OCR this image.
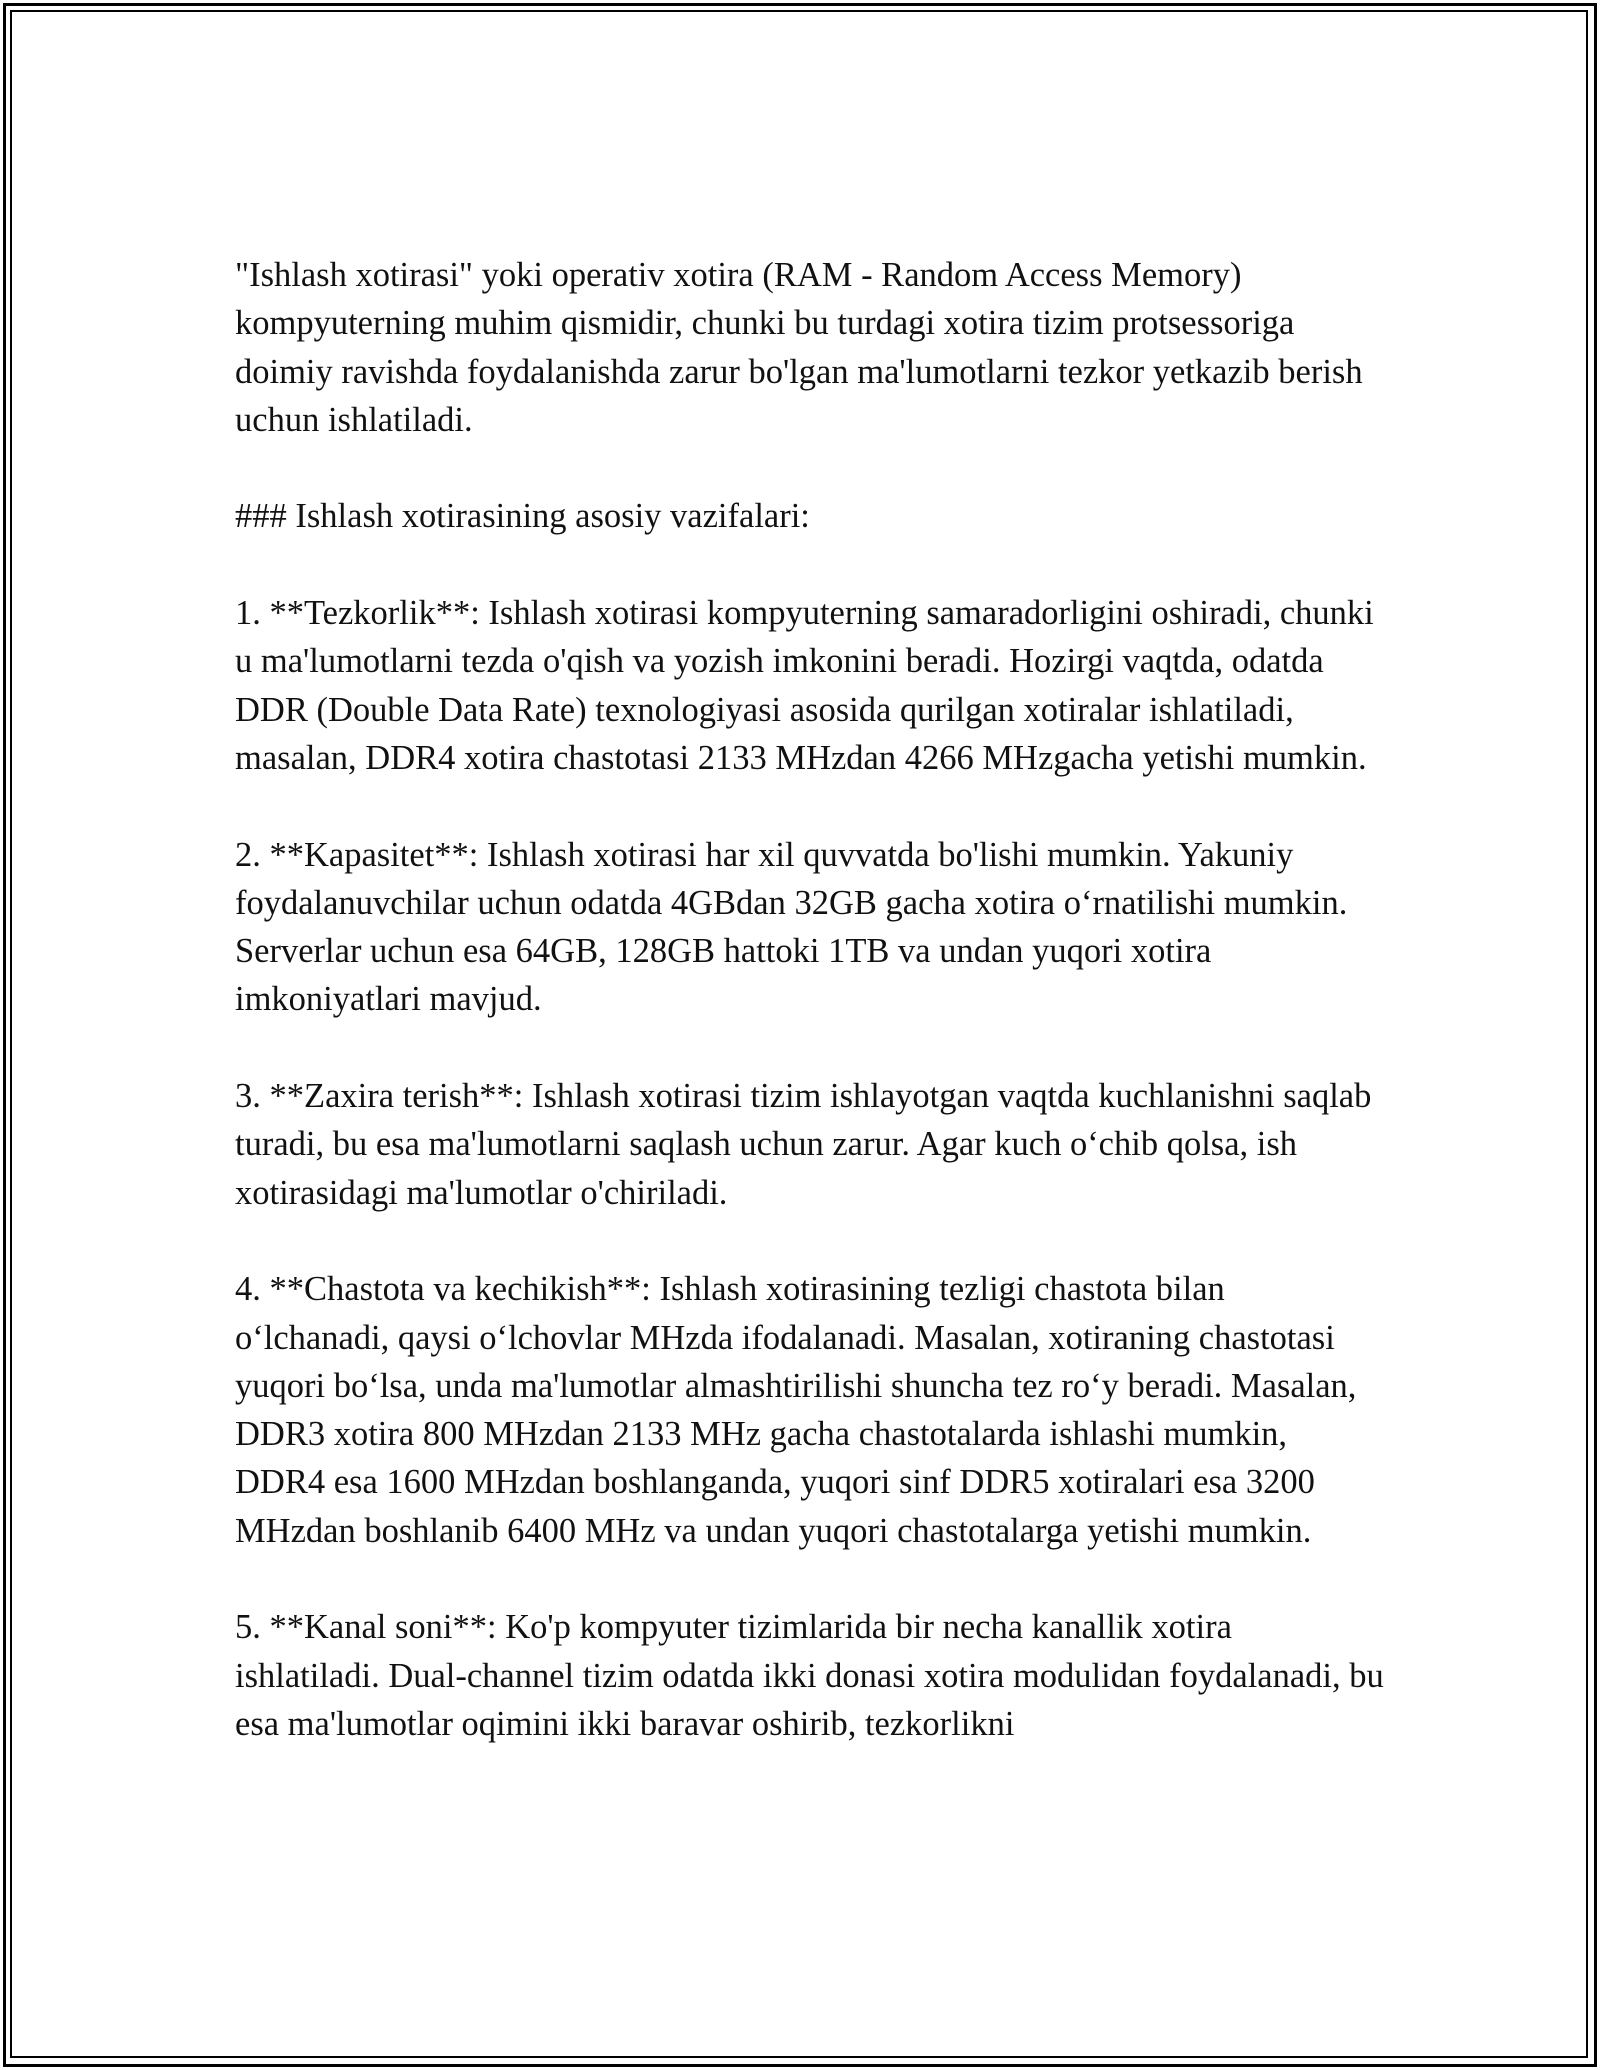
"Ishlash xotirasi" yoki operativ xotira (RAM - Random Access Memory) kompyuterning muhim qismidir, chunki bu turdagi xotira tizim protsessoriga doimiy ravishda foydalanishda zarur bo'lgan ma'lumotlarni tezkor yetkazib berish uchun ishlatiladi.

### Ishlash xotirasining asosiy vazifalari:

1. **Tezkorlik**: Ishlash xotirasi kompyuterning samaradorligini oshiradi, chunki u ma'lumotlarni tezda o'qish va yozish imkonini beradi. Hozirgi vaqtda, odatda DDR (Double Data Rate) texnologiyasi asosida qurilgan xotiralar ishlatiladi, masalan, DDR4 xotira chastotasi 2133 MHzdan 4266 MHzgacha yetishi mumkin.

2. **Kapasitet**: Ishlash xotirasi har xil quvvatda bo'lishi mumkin. Yakuniy foydalanuvchilar uchun odatda 4GBdan 32GB gacha xotira oʻrnatilishi mumkin. Serverlar uchun esa 64GB, 128GB hattoki 1TB va undan yuqori xotira imkoniyatlari mavjud.

3. **Zaxira terish**: Ishlash xotirasi tizim ishlayotgan vaqtda kuchlanishni saqlab turadi, bu esa ma'lumotlarni saqlash uchun zarur. Agar kuch oʻchib qolsa, ish xotirasidagi ma'lumotlar o'chiriladi.

4. **Chastota va kechikish**: Ishlash xotirasining tezligi chastota bilan oʻlchanadi, qaysi oʻlchovlar MHzda ifodalanadi. Masalan, xotiraning chastotasi yuqori boʻlsa, unda ma'lumotlar almashtirilishi shuncha tez roʻy beradi. Masalan, DDR3 xotira 800 MHzdan 2133 MHz gacha chastotalarda ishlashi mumkin, DDR4 esa 1600 MHzdan boshlanganda, yuqori sinf DDR5 xotiralari esa 3200 MHzdan boshlanib 6400 MHz va undan yuqori chastotalarga yetishi mumkin.

5. **Kanal soni**: Ko'p kompyuter tizimlarida bir necha kanallik xotira ishlatiladi. Dual-channel tizim odatda ikki donasi xotira modulidan foydalanadi, bu esa ma'lumotlar oqimini ikki baravar oshirib, tezkorlikni
